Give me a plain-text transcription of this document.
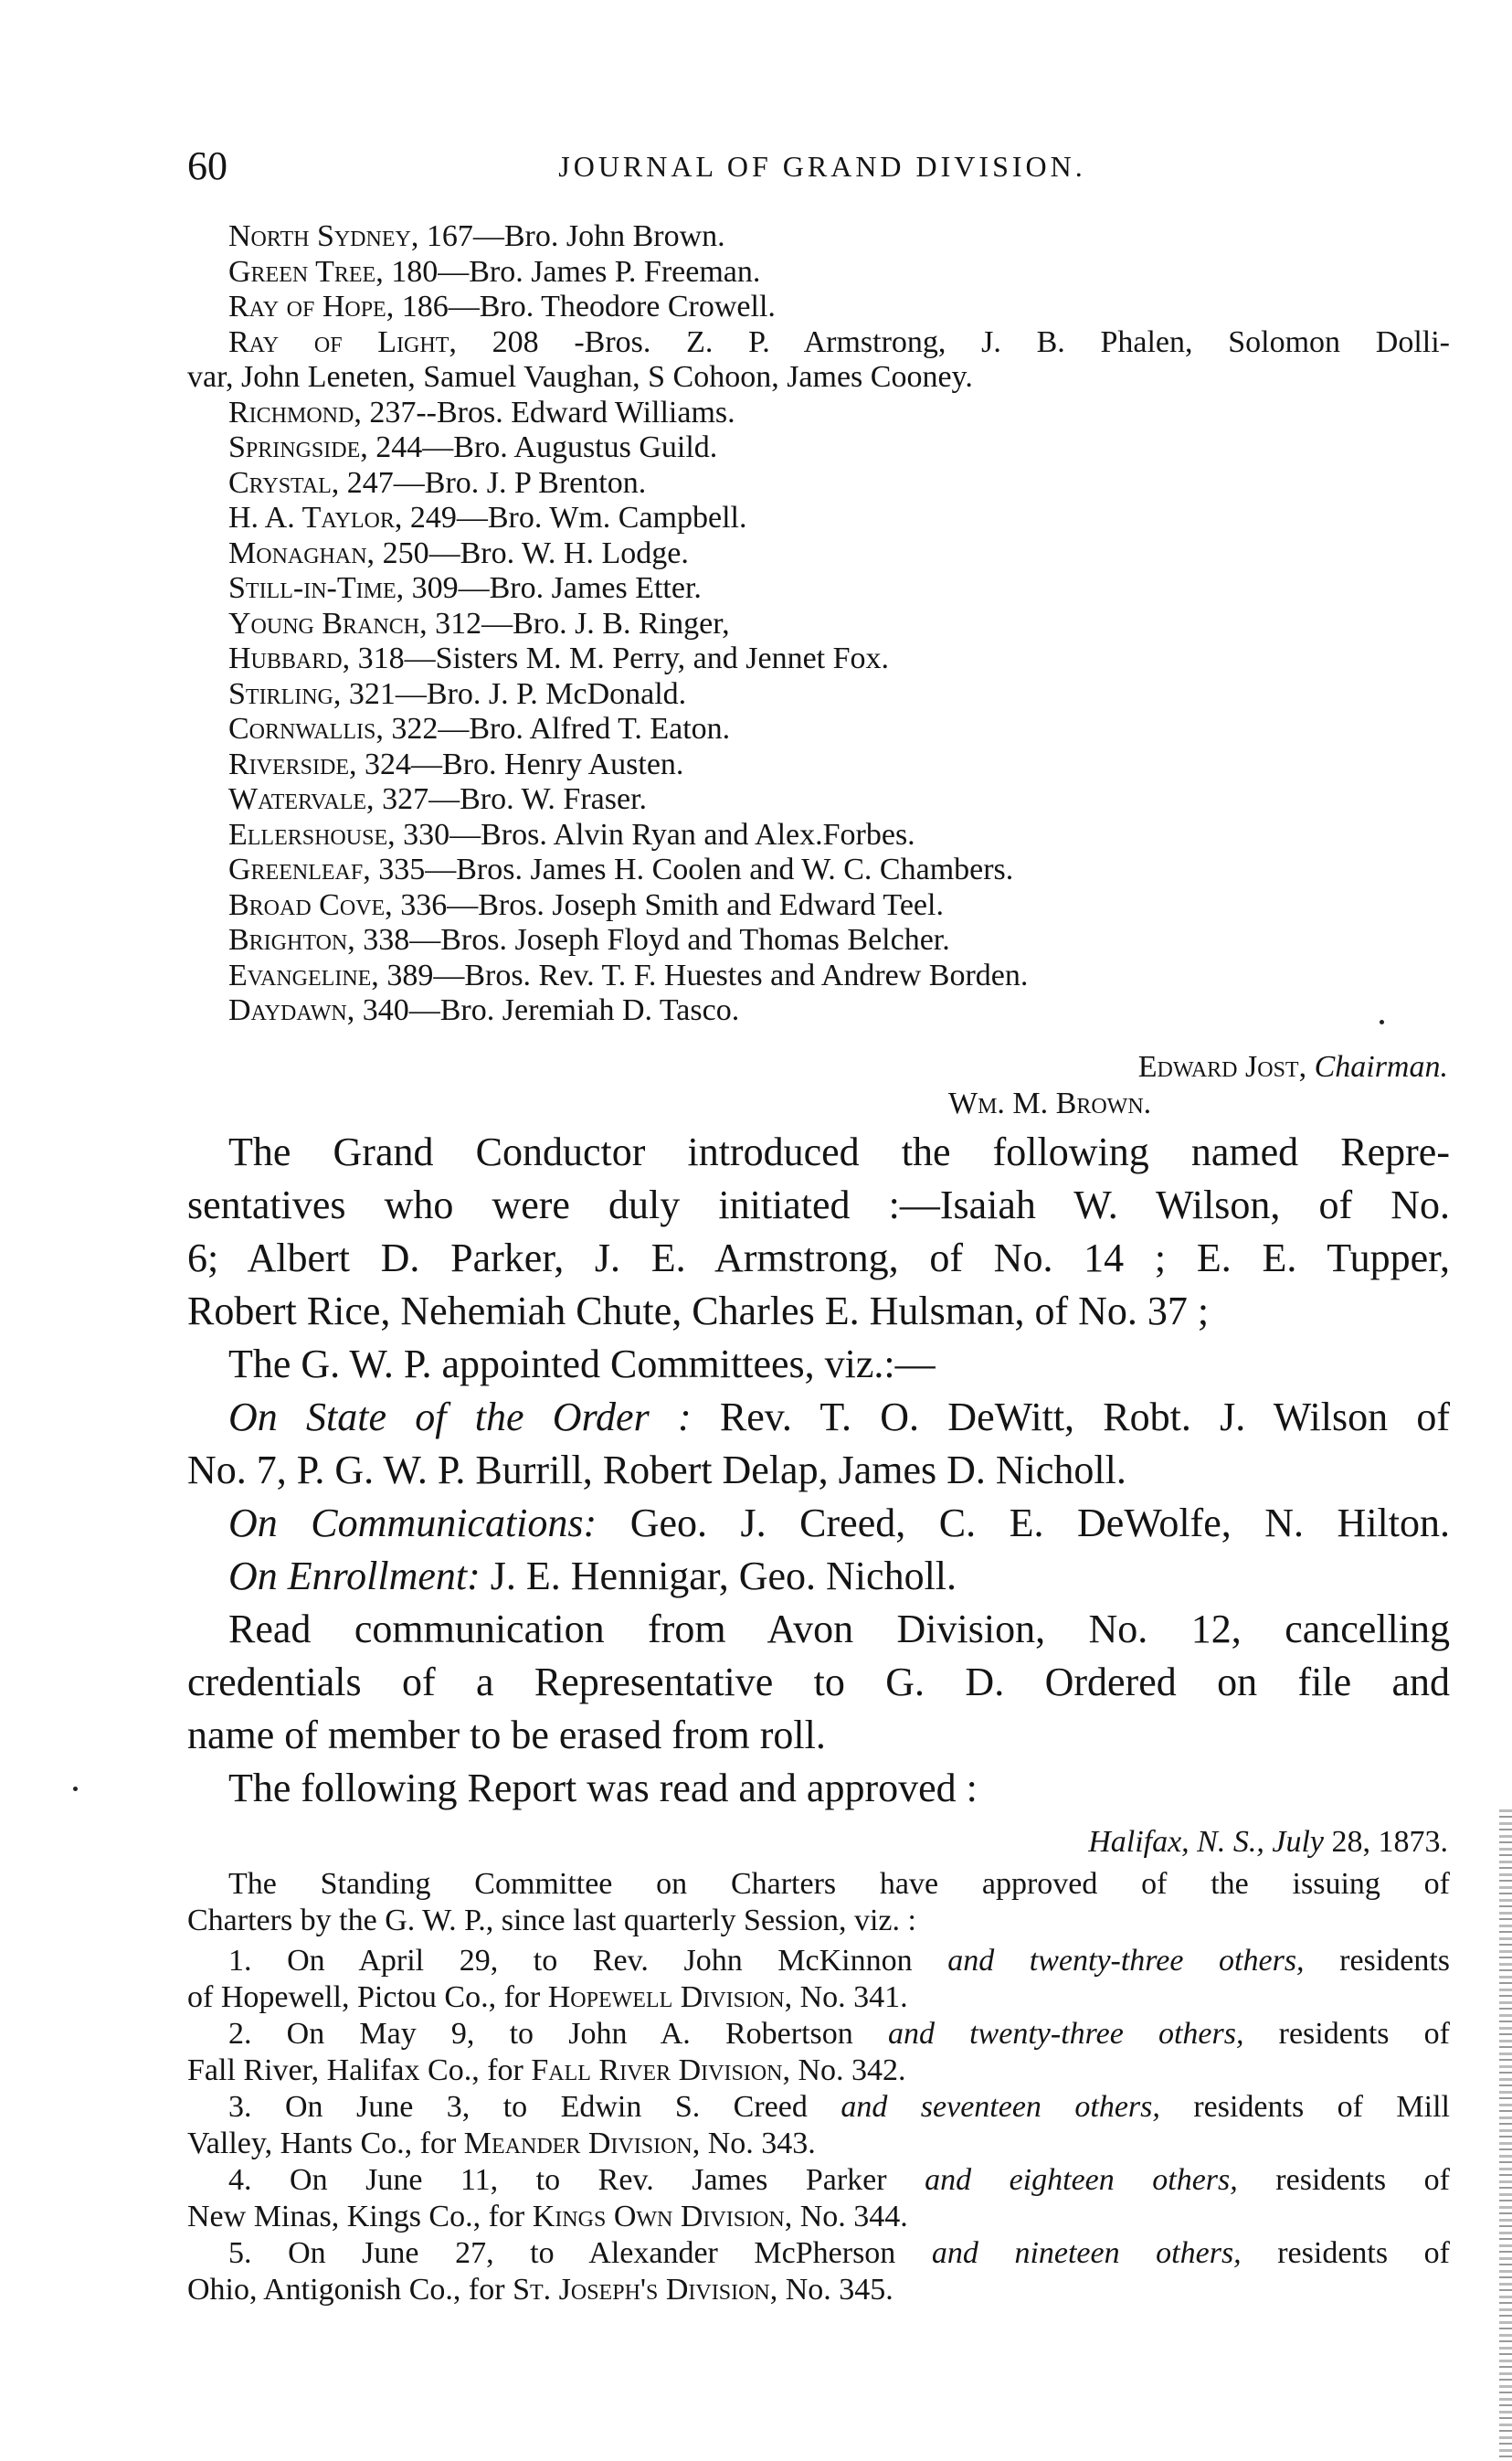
60	JOURNAL OF GRAND DIVISION.
North Sydney, 167—Bro. John Brown.
Green Tree, 180—Bro. James P. Freeman.
Ray of Hope, 186—Bro. Theodore Crowell.
Ray of Light, 208 -Bros. Z. P. Armstrong, J. B. Phalen, Solomon Dolli-
var, John Leneten, Samuel Vaughan, S Cohoon, James Cooney.
Richmond, 237--Bros. Edward Williams.
Springside, 244—Bro. Augustus Guild.
Crystal, 247—Bro. J. P Brenton.
H. A. Taylor, 249—Bro. Wm. Campbell.
Monaghan, 250—Bro. W. H. Lodge.
Still-in-Time, 309—Bro. James Etter.
Young Branch, 312—Bro. J. B. Ringer,
Hubbard, 318—Sisters M. M. Perry, and Jennet Fox.
Stirling, 321—Bro. J. P. McDonald.
Cornwallis, 322—Bro. Alfred T. Eaton.
Riverside, 324—Bro. Henry Austen.
Watervale, 327—Bro. W. Fraser.
Ellershouse, 330—Bros. Alvin Ryan and Alex.Forbes.
Greenleaf, 335—Bros. James H. Coolen and W. C. Chambers.
Broad Cove, 336—Bros. Joseph Smith and Edward Teel.
Brighton, 338—Bros. Joseph Floyd and Thomas Belcher.
Evangeline, 389—Bros. Rev. T. F. Huestes and Andrew Borden.
Daydawn, 340—Bro. Jeremiah D. Tasco.
Edward Jost, Chairman.
Wm. M. Brown.
The Grand Conductor introduced the following named Repre-
sentatives who were duly initiated :—Isaiah W. Wilson, of No.
6; Albert D. Parker, J. E. Armstrong, of No. 14 ; E. E. Tupper,
Robert Rice, Nehemiah Chute, Charles E. Hulsman, of No. 37 ;
The G. W. P. appointed Committees, viz.:—
On State of the Order : Rev. T. O. DeWitt, Robt. J. Wilson of
No. 7, P. G. W. P. Burrill, Robert Delap, James D. Nicholl.
On Communications: Geo. J. Creed, C. E. DeWolfe, N. Hilton.
On Enrollment: J. E. Hennigar, Geo. Nicholl.
Read communication from Avon Division, No. 12, cancelling
credentials of a Representative to G. D. Ordered on file and
name of member to be erased from roll.
The following Report was read and approved :
Halifax, N. S., July 28, 1873.
The Standing Committee on Charters have approved of the issuing of
Charters by the G. W. P., since last quarterly Session, viz. :
1. On April 29, to Rev. John McKinnon and twenty-three others, residents
of Hopewell, Pictou Co., for Hopewell Division, No. 341.
2. On May 9, to John A. Robertson and twenty-three others, residents of
Fall River, Halifax Co., for Fall River Division, No. 342.
3. On June 3, to Edwin S. Creed and seventeen others, residents of Mill
Valley, Hants Co., for Meander Division, No. 343.
4. On June 11, to Rev. James Parker and eighteen others, residents of
New Minas, Kings Co., for Kings Own Division, No. 344.
5. On June 27, to Alexander McPherson and nineteen others, residents of
Ohio, Antigonish Co., for St. Joseph's Division, No. 345.
